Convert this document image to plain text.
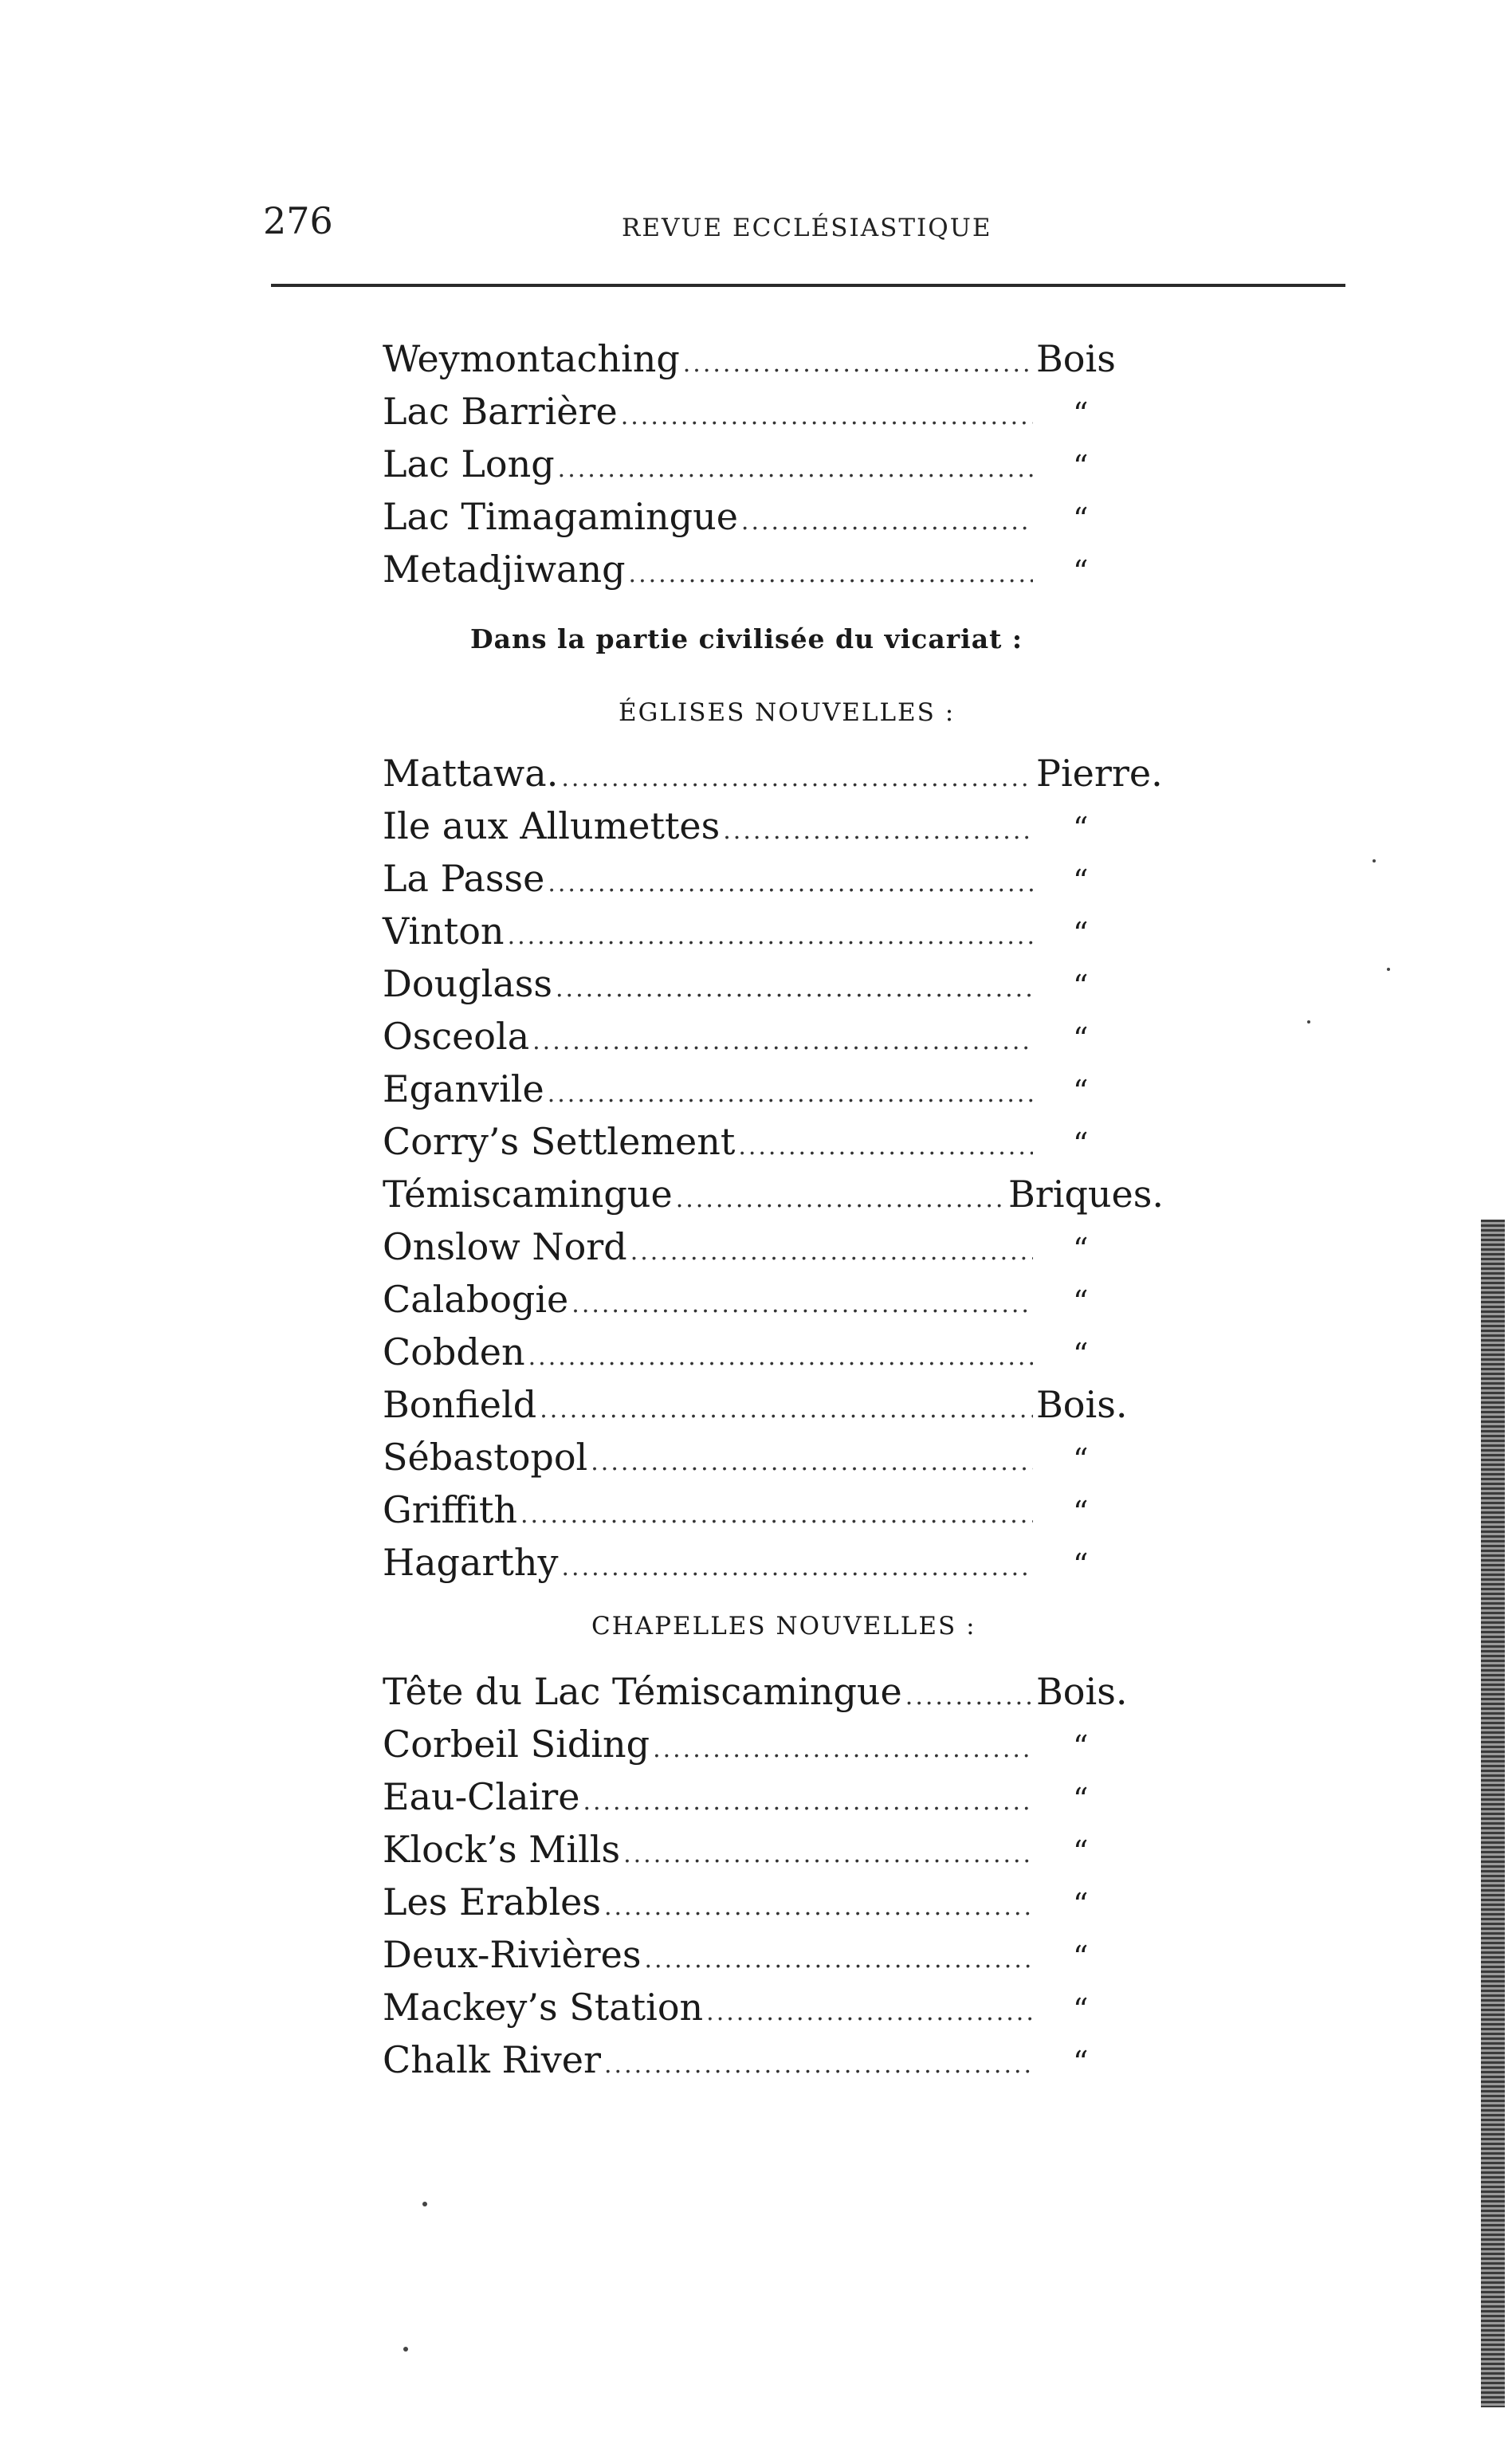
276	REVUE ECCLÉSIASTIQUE
Weymontaching .....	Bois
Lac Barrière .....	“
Lac Long .....	“
Lac Timagamingue .....	“
Metadjiwang .....	“
Dans la partie civilisée du vicariat :
ÉGLISES NOUVELLES :
Mattawa. .....	Pierre.
Ile aux Allumettes .....	“
La Passe .....	“
Vinton .....	“
Douglass .....	“
Osceola .....	“
Eganvile .....	“
Corry’s Settlement .....	“
Témiscamingue .....	Briques.
Onslow Nord .....	“
Calabogie .....	“
Cobden .....	“
Bonfield .....	Bois.
Sébastopol .....	“
Griffith .....	“
Hagarthy .....	“
CHAPELLES NOUVELLES :
Tête du Lac Témiscamingue .....	Bois.
Corbeil Siding .....	“
Eau-Claire .....	“
Klock’s Mills .....	“
Les Erables .....	“
Deux-Rivières .....	“
Mackey’s Station .....	“
Chalk River .....	“
